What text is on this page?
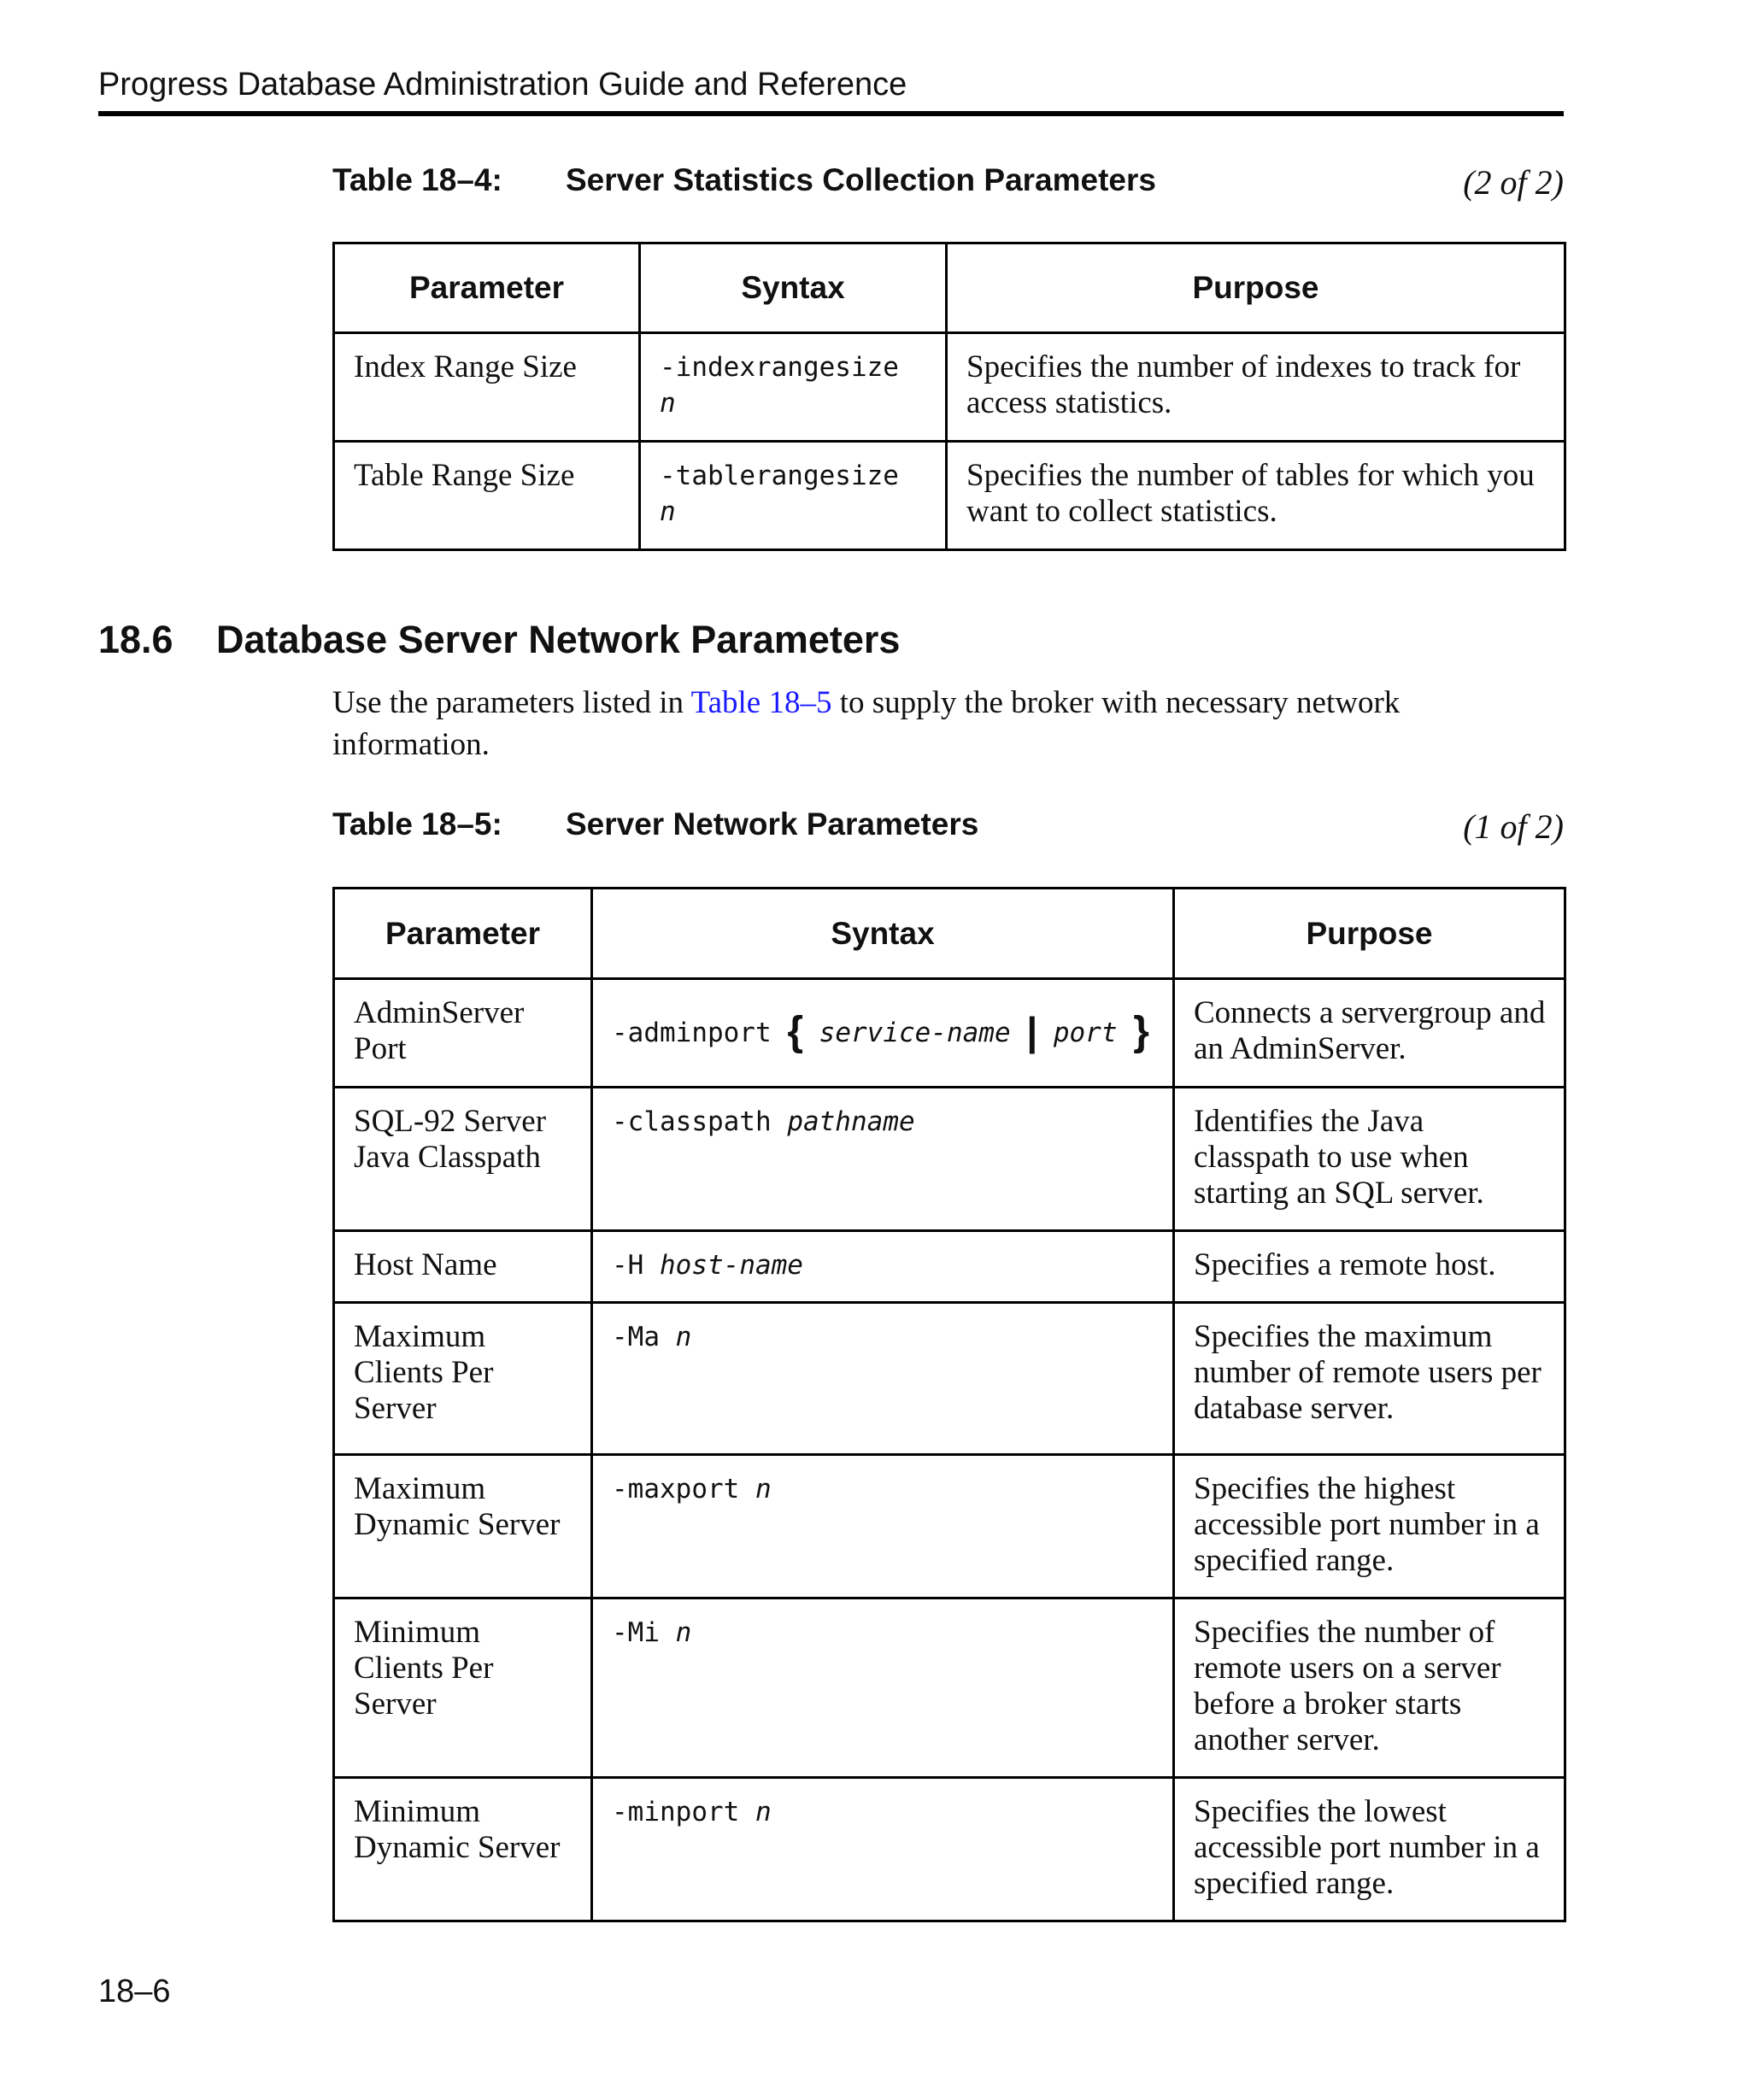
Progress Database Administration Guide and Reference
Table 18–4: Server Statistics Collection Parameters	(2 of 2)
Parameter	Syntax	Purpose
Index Range Size	-indexrangesize n	Specifies the number of indexes to track for access statistics.
Table Range Size	-tablerangesize n	Specifies the number of tables for which you want to collect statistics.
18.6 Database Server Network Parameters
Use the parameters listed in Table 18–5 to supply the broker with necessary network information.
Table 18–5: Server Network Parameters	(1 of 2)
Parameter	Syntax	Purpose
AdminServer Port	-adminport { service-name | port }	Connects a servergroup and an AdminServer.
SQL-92 Server Java Classpath	-classpath pathname	Identifies the Java classpath to use when starting an SQL server.
Host Name	-H host-name	Specifies a remote host.
Maximum Clients Per Server	-Ma n	Specifies the maximum number of remote users per database server.
Maximum Dynamic Server	-maxport n	Specifies the highest accessible port number in a specified range.
Minimum Clients Per Server	-Mi n	Specifies the number of remote users on a server before a broker starts another server.
Minimum Dynamic Server	-minport n	Specifies the lowest accessible port number in a specified range.
18–6
